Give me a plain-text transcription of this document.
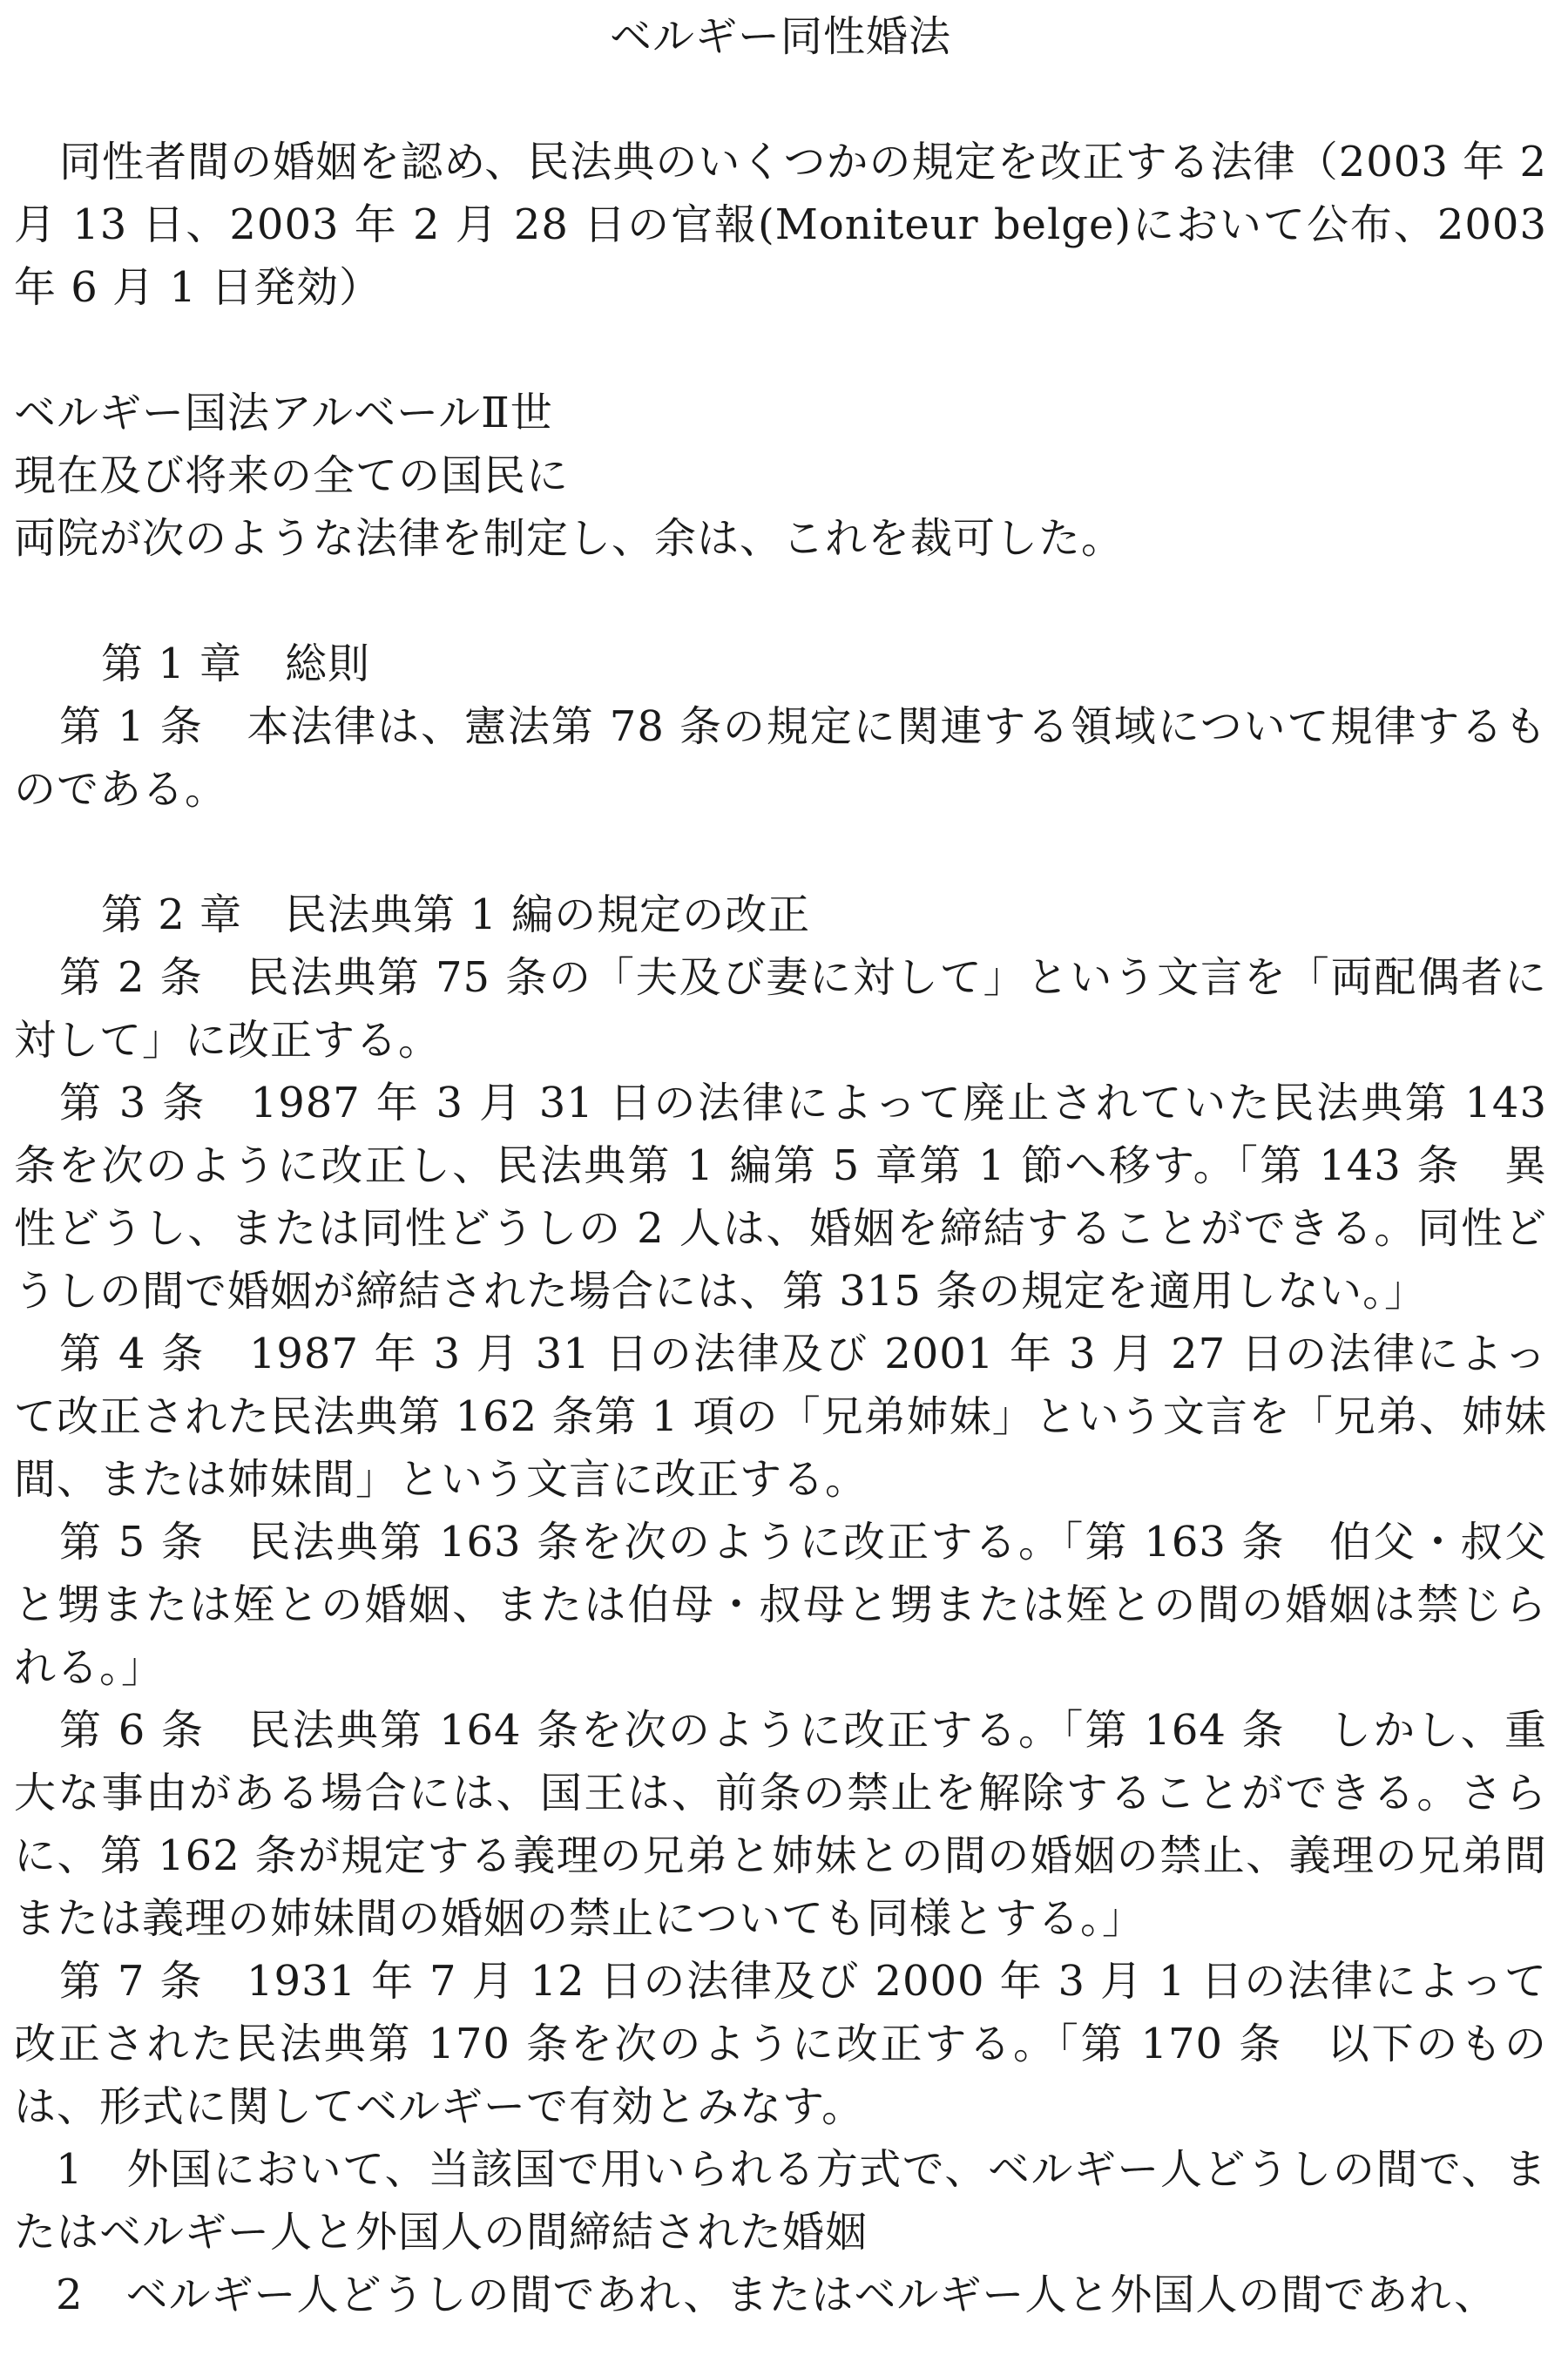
ベルギー同性婚法

同性者間の婚姻を認め、民法典のいくつかの規定を改正する法律（2003 年 2 月 13 日、2003 年 2 月 28 日の官報(Moniteur belge)において公布、2003 年 6 月 1 日発効）

ベルギー国法アルベールⅡ世

現在及び将来の全ての国民に

両院が次のような法律を制定し、余は、これを裁可した。

第 1 章　総則

第 1 条　本法律は、憲法第 78 条の規定に関連する領域について規律するものである。

第 2 章　民法典第 1 編の規定の改正

第 2 条　民法典第 75 条の「夫及び妻に対して」という文言を「両配偶者に対して」に改正する。

第 3 条　1987 年 3 月 31 日の法律によって廃止されていた民法典第 143 条を次のように改正し、民法典第 1 編第 5 章第 1 節へ移す。「第 143 条　異性どうし、または同性どうしの 2 人は、婚姻を締結することができる。同性どうしの間で婚姻が締結された場合には、第 315 条の規定を適用しない。」

第 4 条　1987 年 3 月 31 日の法律及び 2001 年 3 月 27 日の法律によって改正された民法典第 162 条第 1 項の「兄弟姉妹」という文言を「兄弟、姉妹間、または姉妹間」という文言に改正する。

第 5 条　民法典第 163 条を次のように改正する。「第 163 条　伯父・叔父と甥または姪との婚姻、または伯母・叔母と甥または姪との間の婚姻は禁じられる。」

第 6 条　民法典第 164 条を次のように改正する。「第 164 条　しかし、重大な事由がある場合には、国王は、前条の禁止を解除することができる。さらに、第 162 条が規定する義理の兄弟と姉妹との間の婚姻の禁止、義理の兄弟間または義理の姉妹間の婚姻の禁止についても同様とする。」

第 7 条　1931 年 7 月 12 日の法律及び 2000 年 3 月 1 日の法律によって改正された民法典第 170 条を次のように改正する。「第 170 条　以下のものは、形式に関してベルギーで有効とみなす。

1　外国において、当該国で用いられる方式で、ベルギー人どうしの間で、またはベルギー人と外国人の間締結された婚姻

2　ベルギー人どうしの間であれ、またはベルギー人と外国人の間であれ、
